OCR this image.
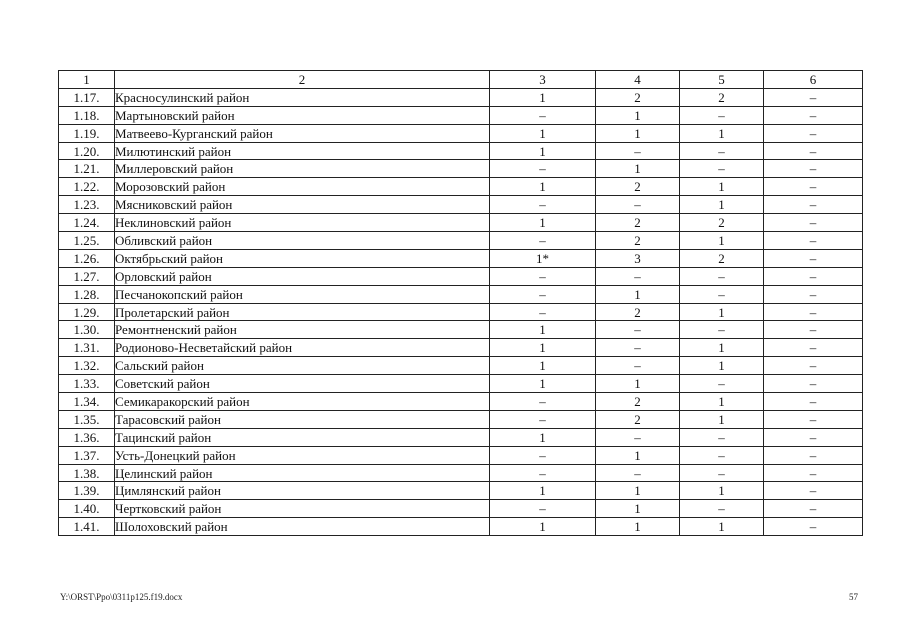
1	2	3	4	5	6
1.17.	Красносулинский район	1	2	2	–
1.18.	Мартыновский район	–	1	–	–
1.19.	Матвеево-Курганский район	1	1	1	–
1.20.	Милютинский район	1	–	–	–
1.21.	Миллеровский район	–	1	–	–
1.22.	Морозовский район	1	2	1	–
1.23.	Мясниковский район	–	–	1	–
1.24.	Неклиновский район	1	2	2	–
1.25.	Обливский район	–	2	1	–
1.26.	Октябрьский район	1*	3	2	–
1.27.	Орловский район	–	–	–	–
1.28.	Песчанокопский район	–	1	–	–
1.29.	Пролетарский район	–	2	1	–
1.30.	Ремонтненский район	1	–	–	–
1.31.	Родионово-Несветайский район	1	–	1	–
1.32.	Сальский район	1	–	1	–
1.33.	Советский район	1	1	–	–
1.34.	Семикаракорский район	–	2	1	–
1.35.	Тарасовский район	–	2	1	–
1.36.	Тацинский район	1	–	–	–
1.37.	Усть-Донецкий район	–	1	–	–
1.38.	Целинский район	–	–	–	–
1.39.	Цимлянский район	1	1	1	–
1.40.	Чертковский район	–	1	–	–
1.41.	Шолоховский район	1	1	1	–
Y:\ORST\Ppo\0311p125.f19.docx	57
